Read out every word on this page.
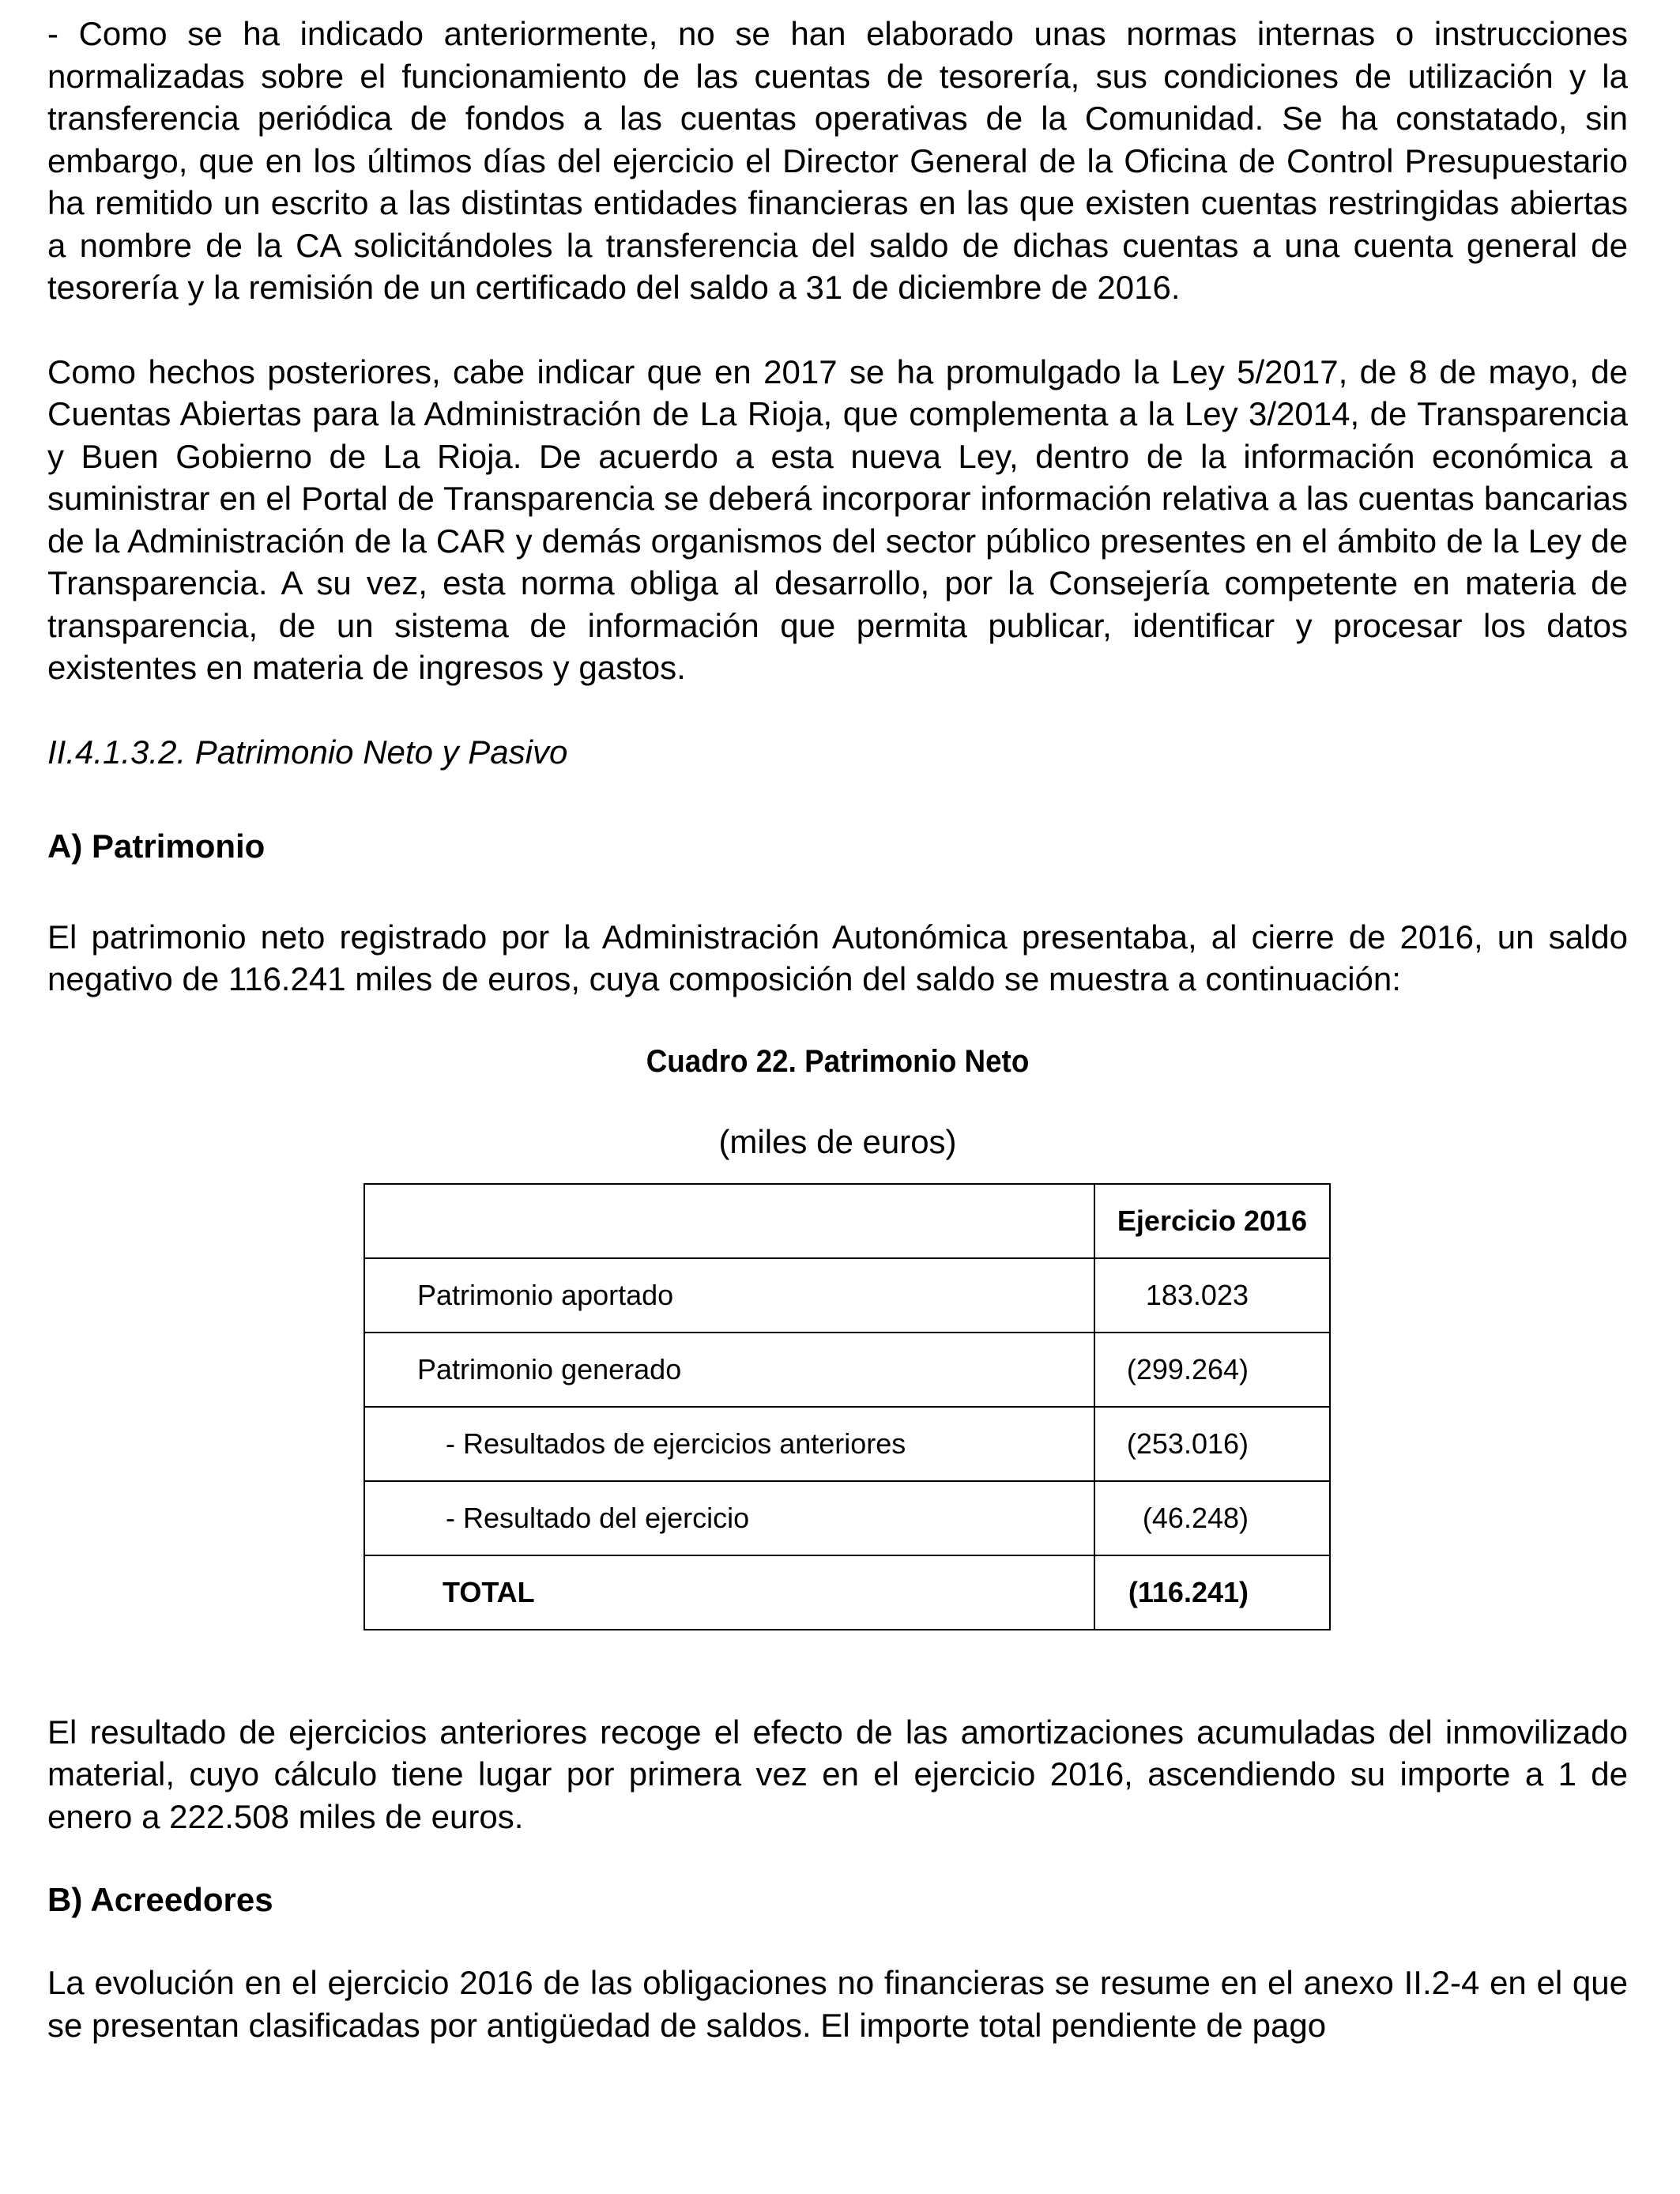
- Como se ha indicado anteriormente, no se han elaborado unas normas internas o instrucciones normalizadas sobre el funcionamiento de las cuentas de tesorería, sus condiciones de utilización y la transferencia periódica de fondos a las cuentas operativas de la Comunidad. Se ha constatado, sin embargo, que en los últimos días del ejercicio el Director General de la Oficina de Control Presupuestario ha remitido un escrito a las distintas entidades financieras en las que existen cuentas restringidas abiertas a nombre de la CA solicitándoles la transferencia del saldo de dichas cuentas a una cuenta general de tesorería y la remisión de un certificado del saldo a 31 de diciembre de 2016.

Como hechos posteriores, cabe indicar que en 2017 se ha promulgado la Ley 5/2017, de 8 de mayo, de Cuentas Abiertas para la Administración de La Rioja, que complementa a la Ley 3/2014, de Transparencia y Buen Gobierno de La Rioja. De acuerdo a esta nueva Ley, dentro de la información económica a suministrar en el Portal de Transparencia se deberá incorporar información relativa a las cuentas bancarias de la Administración de la CAR y demás organismos del sector público presentes en el ámbito de la Ley de Transparencia. A su vez, esta norma obliga al desarrollo, por la Consejería competente en materia de transparencia, de un sistema de información que permita publicar, identificar y procesar los datos existentes en materia de ingresos y gastos.

II.4.1.3.2. Patrimonio Neto y Pasivo

A) Patrimonio

El patrimonio neto registrado por la Administración Autonómica presentaba, al cierre de 2016, un saldo negativo de 116.241 miles de euros, cuya composición del saldo se muestra a continuación:

Cuadro 22. Patrimonio Neto

(miles de euros)

	Ejercicio 2016
Patrimonio aportado	183.023
Patrimonio generado	(299.264)
- Resultados de ejercicios anteriores	(253.016)
- Resultado del ejercicio	(46.248)
TOTAL	(116.241)

El resultado de ejercicios anteriores recoge el efecto de las amortizaciones acumuladas del inmovilizado material, cuyo cálculo tiene lugar por primera vez en el ejercicio 2016, ascendiendo su importe a 1 de enero a 222.508 miles de euros.

B) Acreedores

La evolución en el ejercicio 2016 de las obligaciones no financieras se resume en el anexo II.2-4 en el que se presentan clasificadas por antigüedad de saldos. El importe total pendiente de pago
